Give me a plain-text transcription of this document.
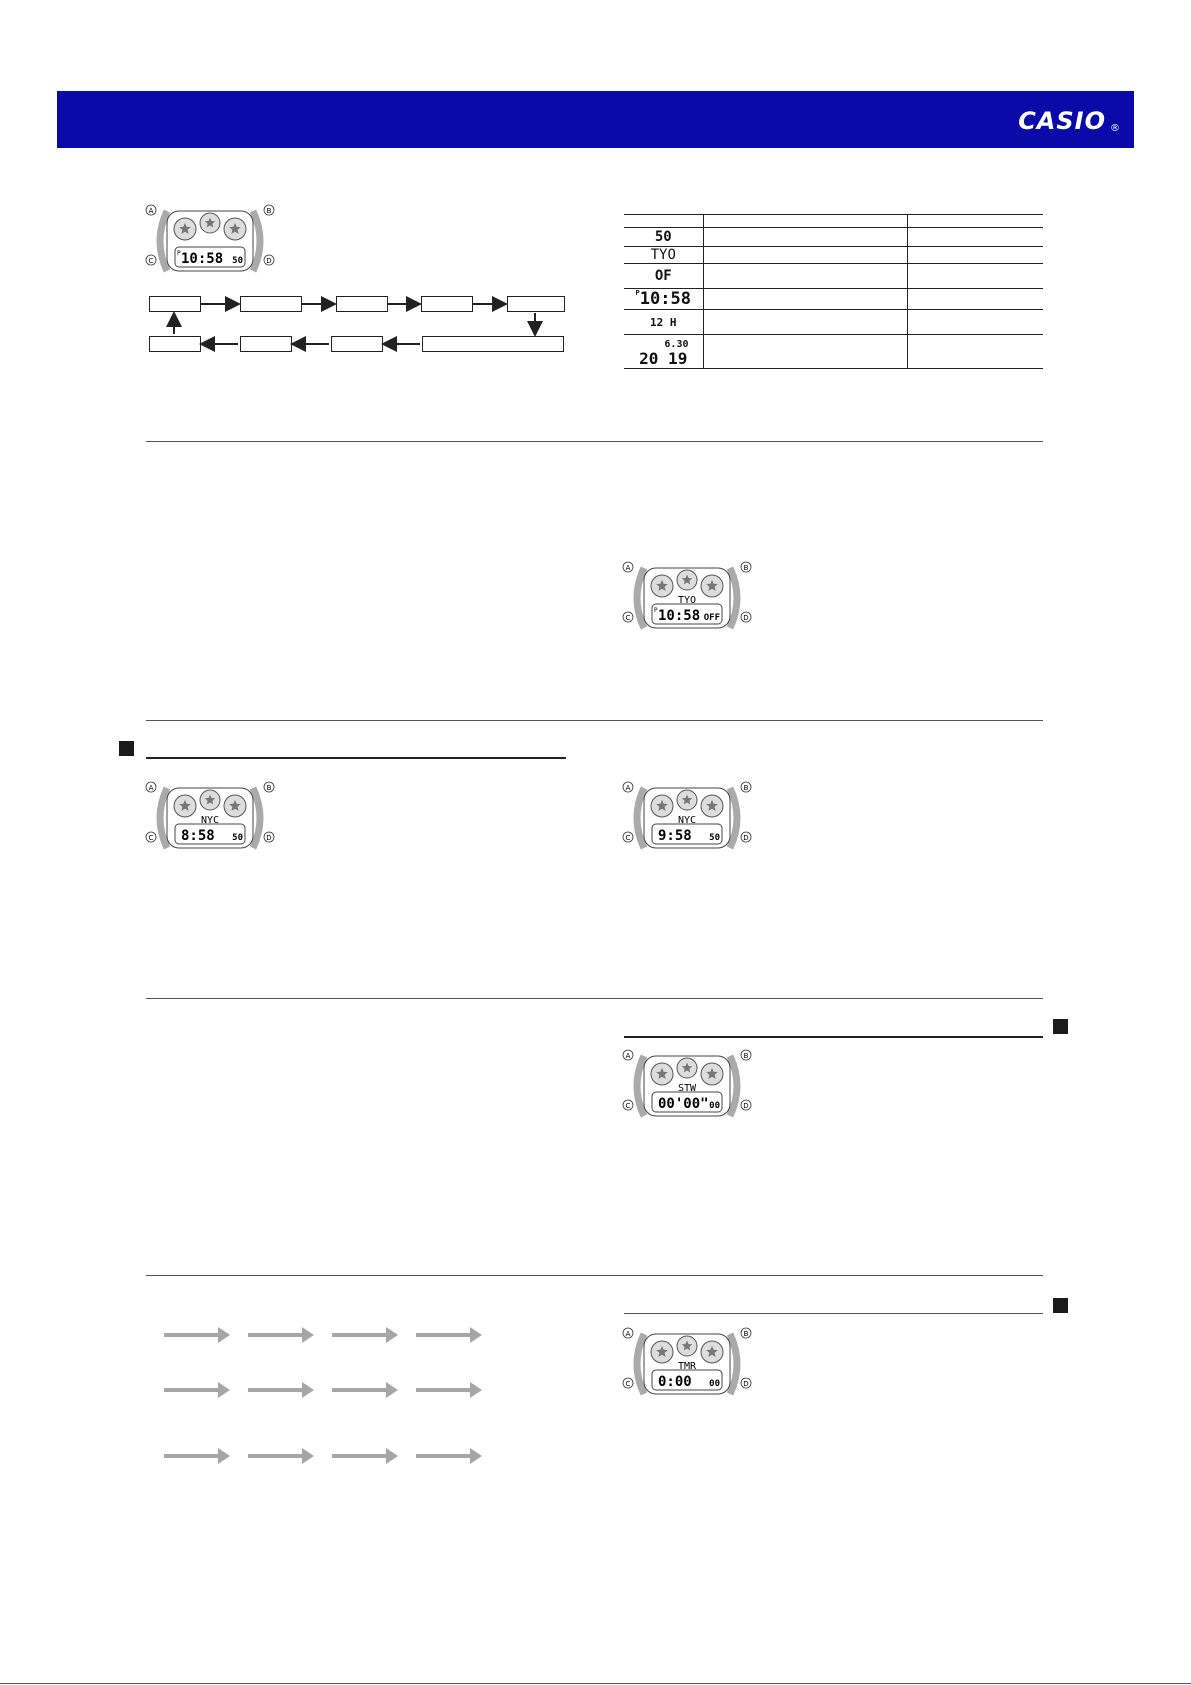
CASIO ®
P 10:58 50
A	B
C	D

50		
TYO		
OF		
$^P$10:58		
12 H		

6.30
20 19		

TYO
P 10:58 OFF
A	B
C	D
NYC
8:58 50
A	B
C	D
NYC
9:58 50
A	B
C	D
STW
00'00" 00
A	B
C	D
TMR
0:00 00
A	B
C	D
